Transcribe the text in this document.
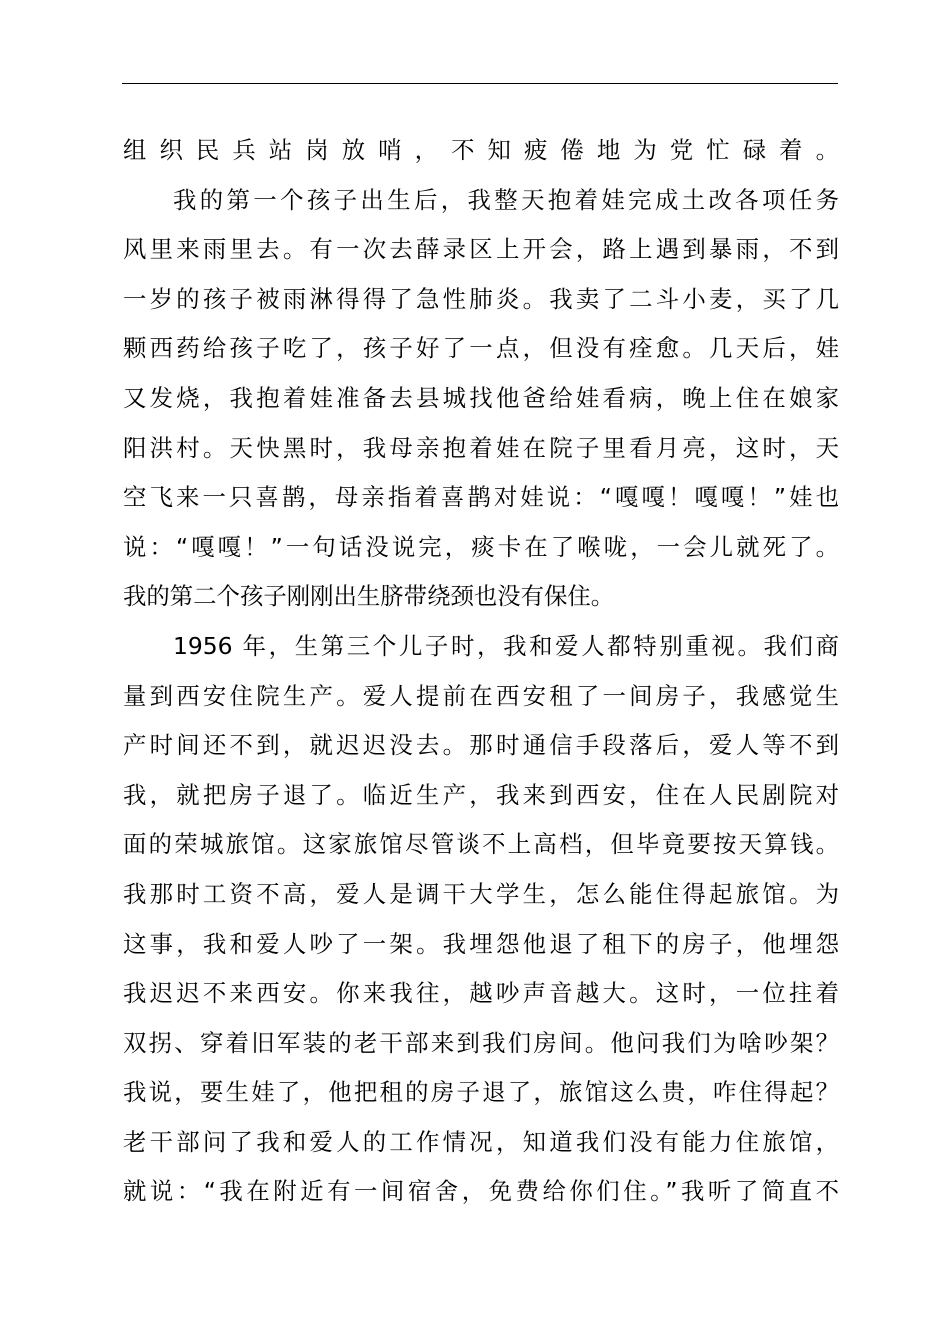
组织民兵站岗放哨，不知疲倦地为党忙碌着。
我的第一个孩子出生后，我整天抱着娃完成土改各项任务
风里来雨里去。有一次去薛录区上开会，路上遇到暴雨，不到
一岁的孩子被雨淋得得了急性肺炎。我卖了二斗小麦，买了几
颗西药给孩子吃了，孩子好了一点，但没有痊愈。几天后，娃
又发烧，我抱着娃准备去县城找他爸给娃看病，晚上住在娘家
阳洪村。天快黑时，我母亲抱着娃在院子里看月亮，这时，天
空飞来一只喜鹊，母亲指着喜鹊对娃说：“嘎嘎！嘎嘎！”娃也
说：“嘎嘎！”一句话没说完，痰卡在了喉咙，一会儿就死了。
我的第二个孩子刚刚出生脐带绕颈也没有保住。
1956 年，生第三个儿子时，我和爱人都特别重视。我们商
量到西安住院生产。爱人提前在西安租了一间房子，我感觉生
产时间还不到，就迟迟没去。那时通信手段落后，爱人等不到
我，就把房子退了。临近生产，我来到西安，住在人民剧院对
面的荣城旅馆。这家旅馆尽管谈不上高档，但毕竟要按天算钱。
我那时工资不高，爱人是调干大学生，怎么能住得起旅馆。为
这事，我和爱人吵了一架。我埋怨他退了租下的房子，他埋怨
我迟迟不来西安。你来我往，越吵声音越大。这时，一位拄着
双拐、穿着旧军装的老干部来到我们房间。他问我们为啥吵架？
我说，要生娃了，他把租的房子退了，旅馆这么贵，咋住得起？
老干部问了我和爱人的工作情况，知道我们没有能力住旅馆，
就说：“我在附近有一间宿舍，免费给你们住。”我听了简直不
